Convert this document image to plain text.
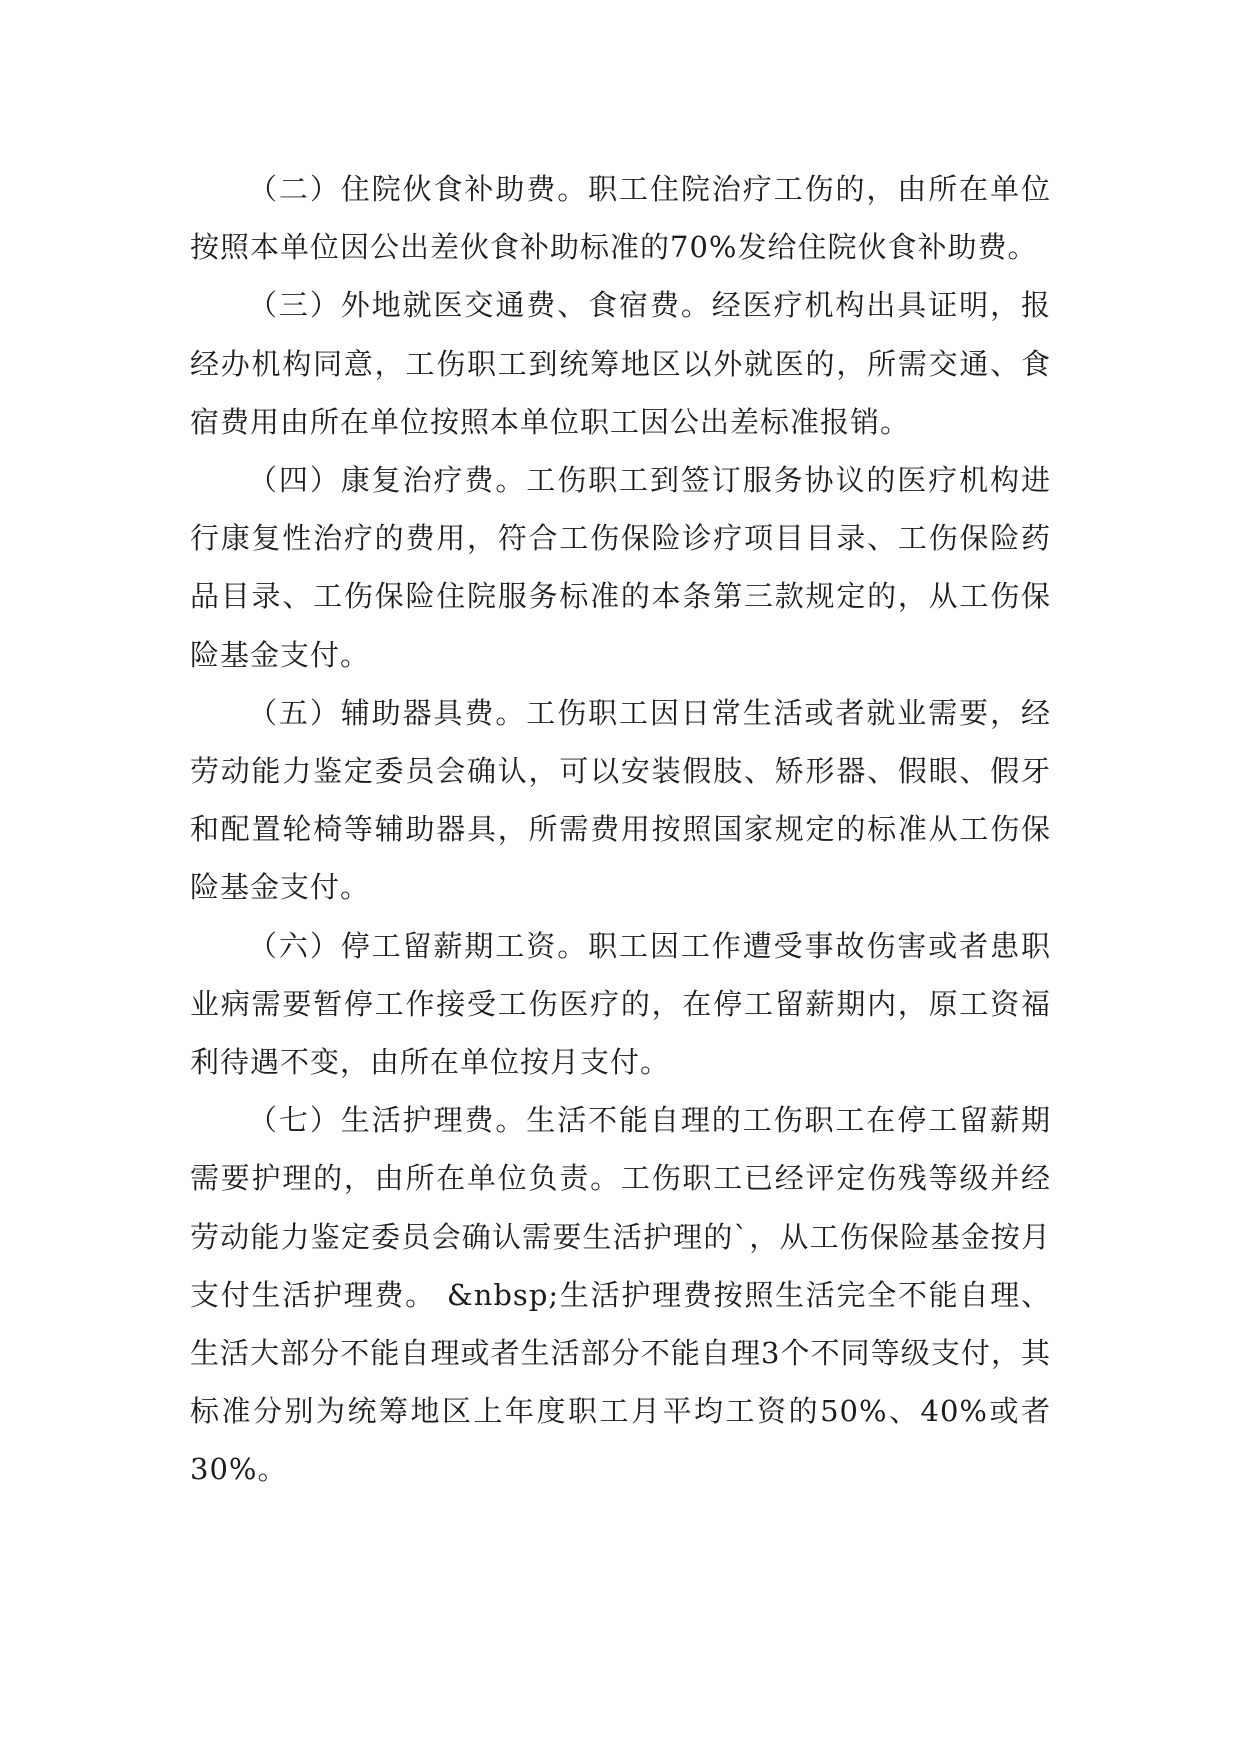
（二）住院伙食补助费。职工住院治疗工伤的，由所在单位按照本单位因公出差伙食补助标准的70%发给住院伙食补助费。

（三）外地就医交通费、食宿费。经医疗机构出具证明，报经办机构同意，工伤职工到统筹地区以外就医的，所需交通、食宿费用由所在单位按照本单位职工因公出差标准报销。

（四）康复治疗费。工伤职工到签订服务协议的医疗机构进行康复性治疗的费用，符合工伤保险诊疗项目目录、工伤保险药品目录、工伤保险住院服务标准的本条第三款规定的，从工伤保险基金支付。

（五）辅助器具费。工伤职工因日常生活或者就业需要，经劳动能力鉴定委员会确认，可以安装假肢、矫形器、假眼、假牙和配置轮椅等辅助器具，所需费用按照国家规定的标准从工伤保险基金支付。

（六）停工留薪期工资。职工因工作遭受事故伤害或者患职业病需要暂停工作接受工伤医疗的，在停工留薪期内，原工资福利待遇不变，由所在单位按月支付。

（七）生活护理费。生活不能自理的工伤职工在停工留薪期需要护理的，由所在单位负责。工伤职工已经评定伤残等级并经劳动能力鉴定委员会确认需要生活护理的`，从工伤保险基金按月支付生活护理费。 &nbsp;生活护理费按照生活完全不能自理、生活大部分不能自理或者生活部分不能自理3个不同等级支付，其标准分别为统筹地区上年度职工月平均工资的50%、40%或者30%。
